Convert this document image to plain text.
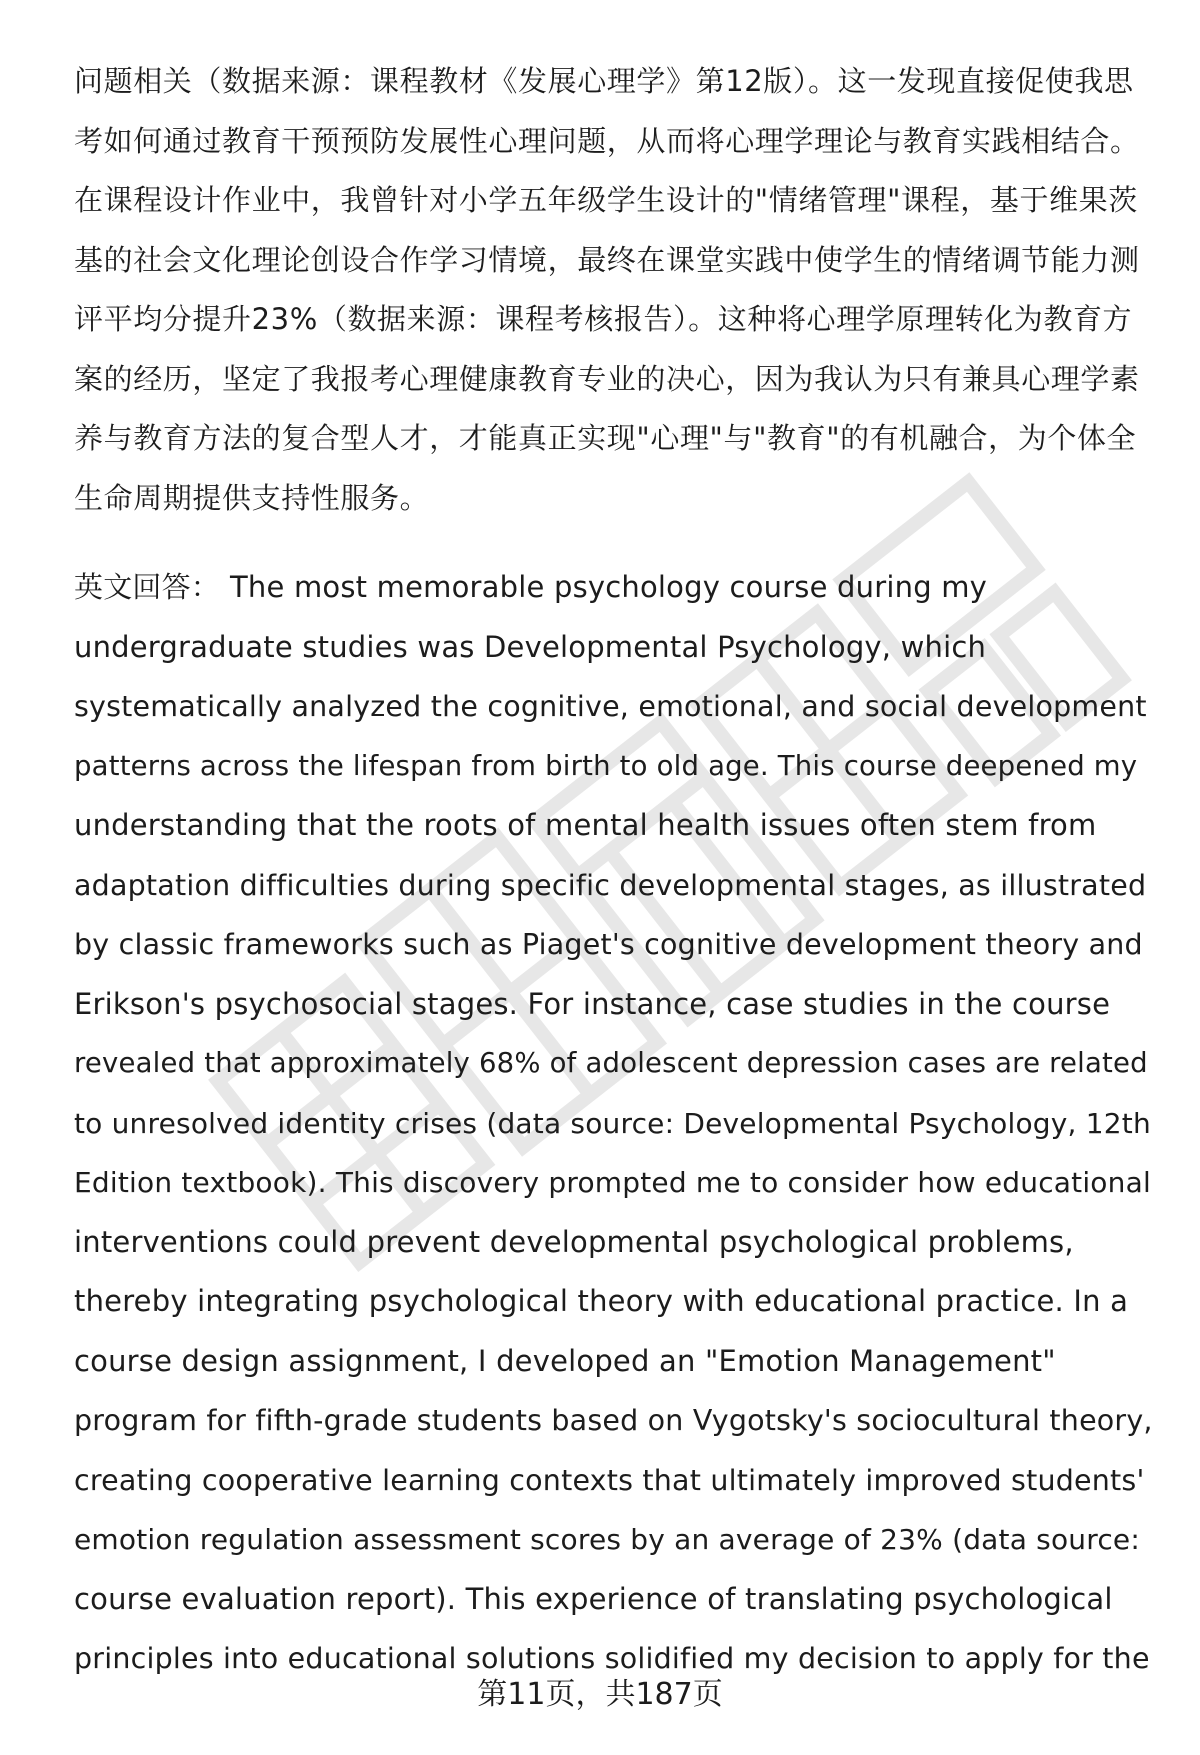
问题相关（数据来源：课程教材《发展心理学》第12版）。这一发现直接促使我思
考如何通过教育干预预防发展性心理问题，从而将心理学理论与教育实践相结合。
在课程设计作业中，我曾针对小学五年级学生设计的"情绪管理"课程，基于维果茨
基的社会文化理论创设合作学习情境，最终在课堂实践中使学生的情绪调节能力测
评平均分提升23%（数据来源：课程考核报告）。这种将心理学原理转化为教育方
案的经历，坚定了我报考心理健康教育专业的决心，因为我认为只有兼具心理学素
养与教育方法的复合型人才，才能真正实现"心理"与"教育"的有机融合，为个体全
生命周期提供支持性服务。
英文回答： The most memorable psychology course during my
undergraduate studies was Developmental Psychology, which
systematically analyzed the cognitive, emotional, and social development
patterns across the lifespan from birth to old age. This course deepened my
understanding that the roots of mental health issues often stem from
adaptation difficulties during specific developmental stages, as illustrated
by classic frameworks such as Piaget's cognitive development theory and
Erikson's psychosocial stages. For instance, case studies in the course
revealed that approximately 68% of adolescent depression cases are related
to unresolved identity crises (data source: Developmental Psychology, 12th
Edition textbook). This discovery prompted me to consider how educational
interventions could prevent developmental psychological problems,
thereby integrating psychological theory with educational practice. In a
course design assignment, I developed an "Emotion Management"
program for fifth-grade students based on Vygotsky's sociocultural theory,
creating cooperative learning contexts that ultimately improved students'
emotion regulation assessment scores by an average of 23% (data source:
course evaluation report). This experience of translating psychological
principles into educational solutions solidified my decision to apply for the
第11页，共187页
